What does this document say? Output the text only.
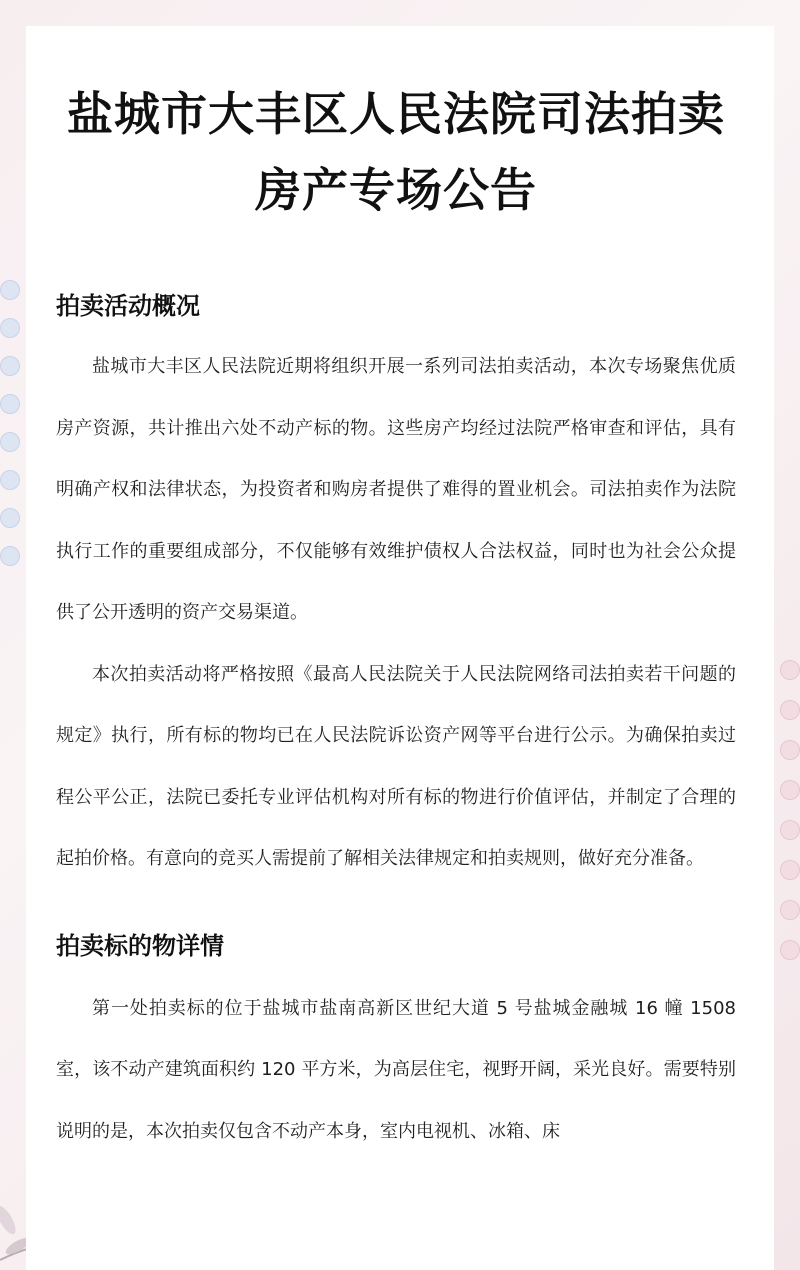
盐城市大丰区人民法院司法拍卖房产专场公告
拍卖活动概况

盐城市大丰区人民法院近期将组织开展一系列司法拍卖活动，本次专场聚焦优质房产资源，共计推出六处不动产标的物。这些房产均经过法院严格审查和评估，具有明确产权和法律状态，为投资者和购房者提供了难得的置业机会。司法拍卖作为法院执行工作的重要组成部分，不仅能够有效维护债权人合法权益，同时也为社会公众提供了公开透明的资产交易渠道。

本次拍卖活动将严格按照《最高人民法院关于人民法院网络司法拍卖若干问题的规定》执行，所有标的物均已在人民法院诉讼资产网等平台进行公示。为确保拍卖过程公平公正，法院已委托专业评估机构对所有标的物进行价值评估，并制定了合理的起拍价格。有意向的竞买人需提前了解相关法律规定和拍卖规则，做好充分准备。

拍卖标的物详情

第一处拍卖标的位于盐城市盐南高新区世纪大道 5 号盐城金融城 16 幢 1508 室，该不动产建筑面积约 120 平方米，为高层住宅，视野开阔，采光良好。需要特别说明的是，本次拍卖仅包含不动产本身，室内电视机、冰箱、床
